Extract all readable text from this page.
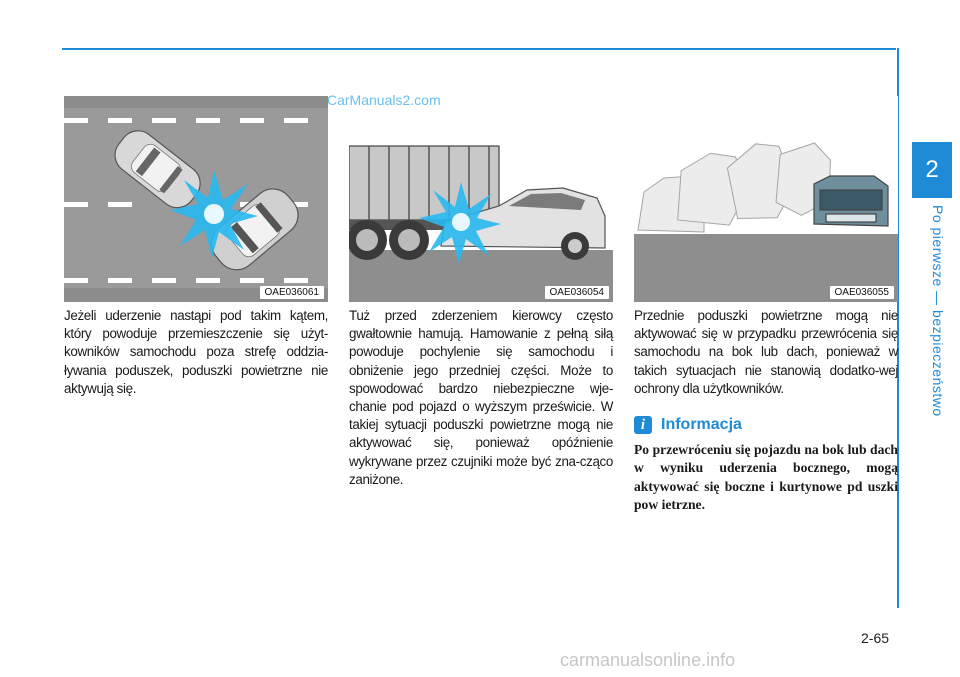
2
Po pierwsze — bezpieczeństwo
OAE036061	OAE036054	OAE036055
CarManuals2.com
Jeżeli uderzenie nastąpi pod takim kątem, który powoduje przemieszczenie się użyt-kowników samochodu poza strefę oddzia-ływania poduszek, poduszki powietrzne nie aktywują się.
Tuż przed zderzeniem kierowcy często gwałtownie hamują. Hamowanie z pełną siłą powoduje pochylenie się samochodu i obniżenie jego przedniej części. Może to spowodować bardzo niebezpieczne wje-chanie pod pojazd o wyższym prześwicie. W takiej sytuacji poduszki powietrzne mogą nie aktywować się, ponieważ opóźnienie wykrywane przez czujniki może być zna-cząco zaniżone.
Przednie poduszki powietrzne mogą nie aktywować się w przypadku przewrócenia się samochodu na bok lub dach, ponieważ w takich sytuacjach nie stanowią dodatko-wej ochrony dla użytkowników.
i Informacja
Po przewróceniu się pojazdu na bok lub dach w wyniku uderzenia bocznego, mogą aktywować się boczne i kurtynowe pd uszki pow ietrzne.
2-65
carmanualsonline.info
